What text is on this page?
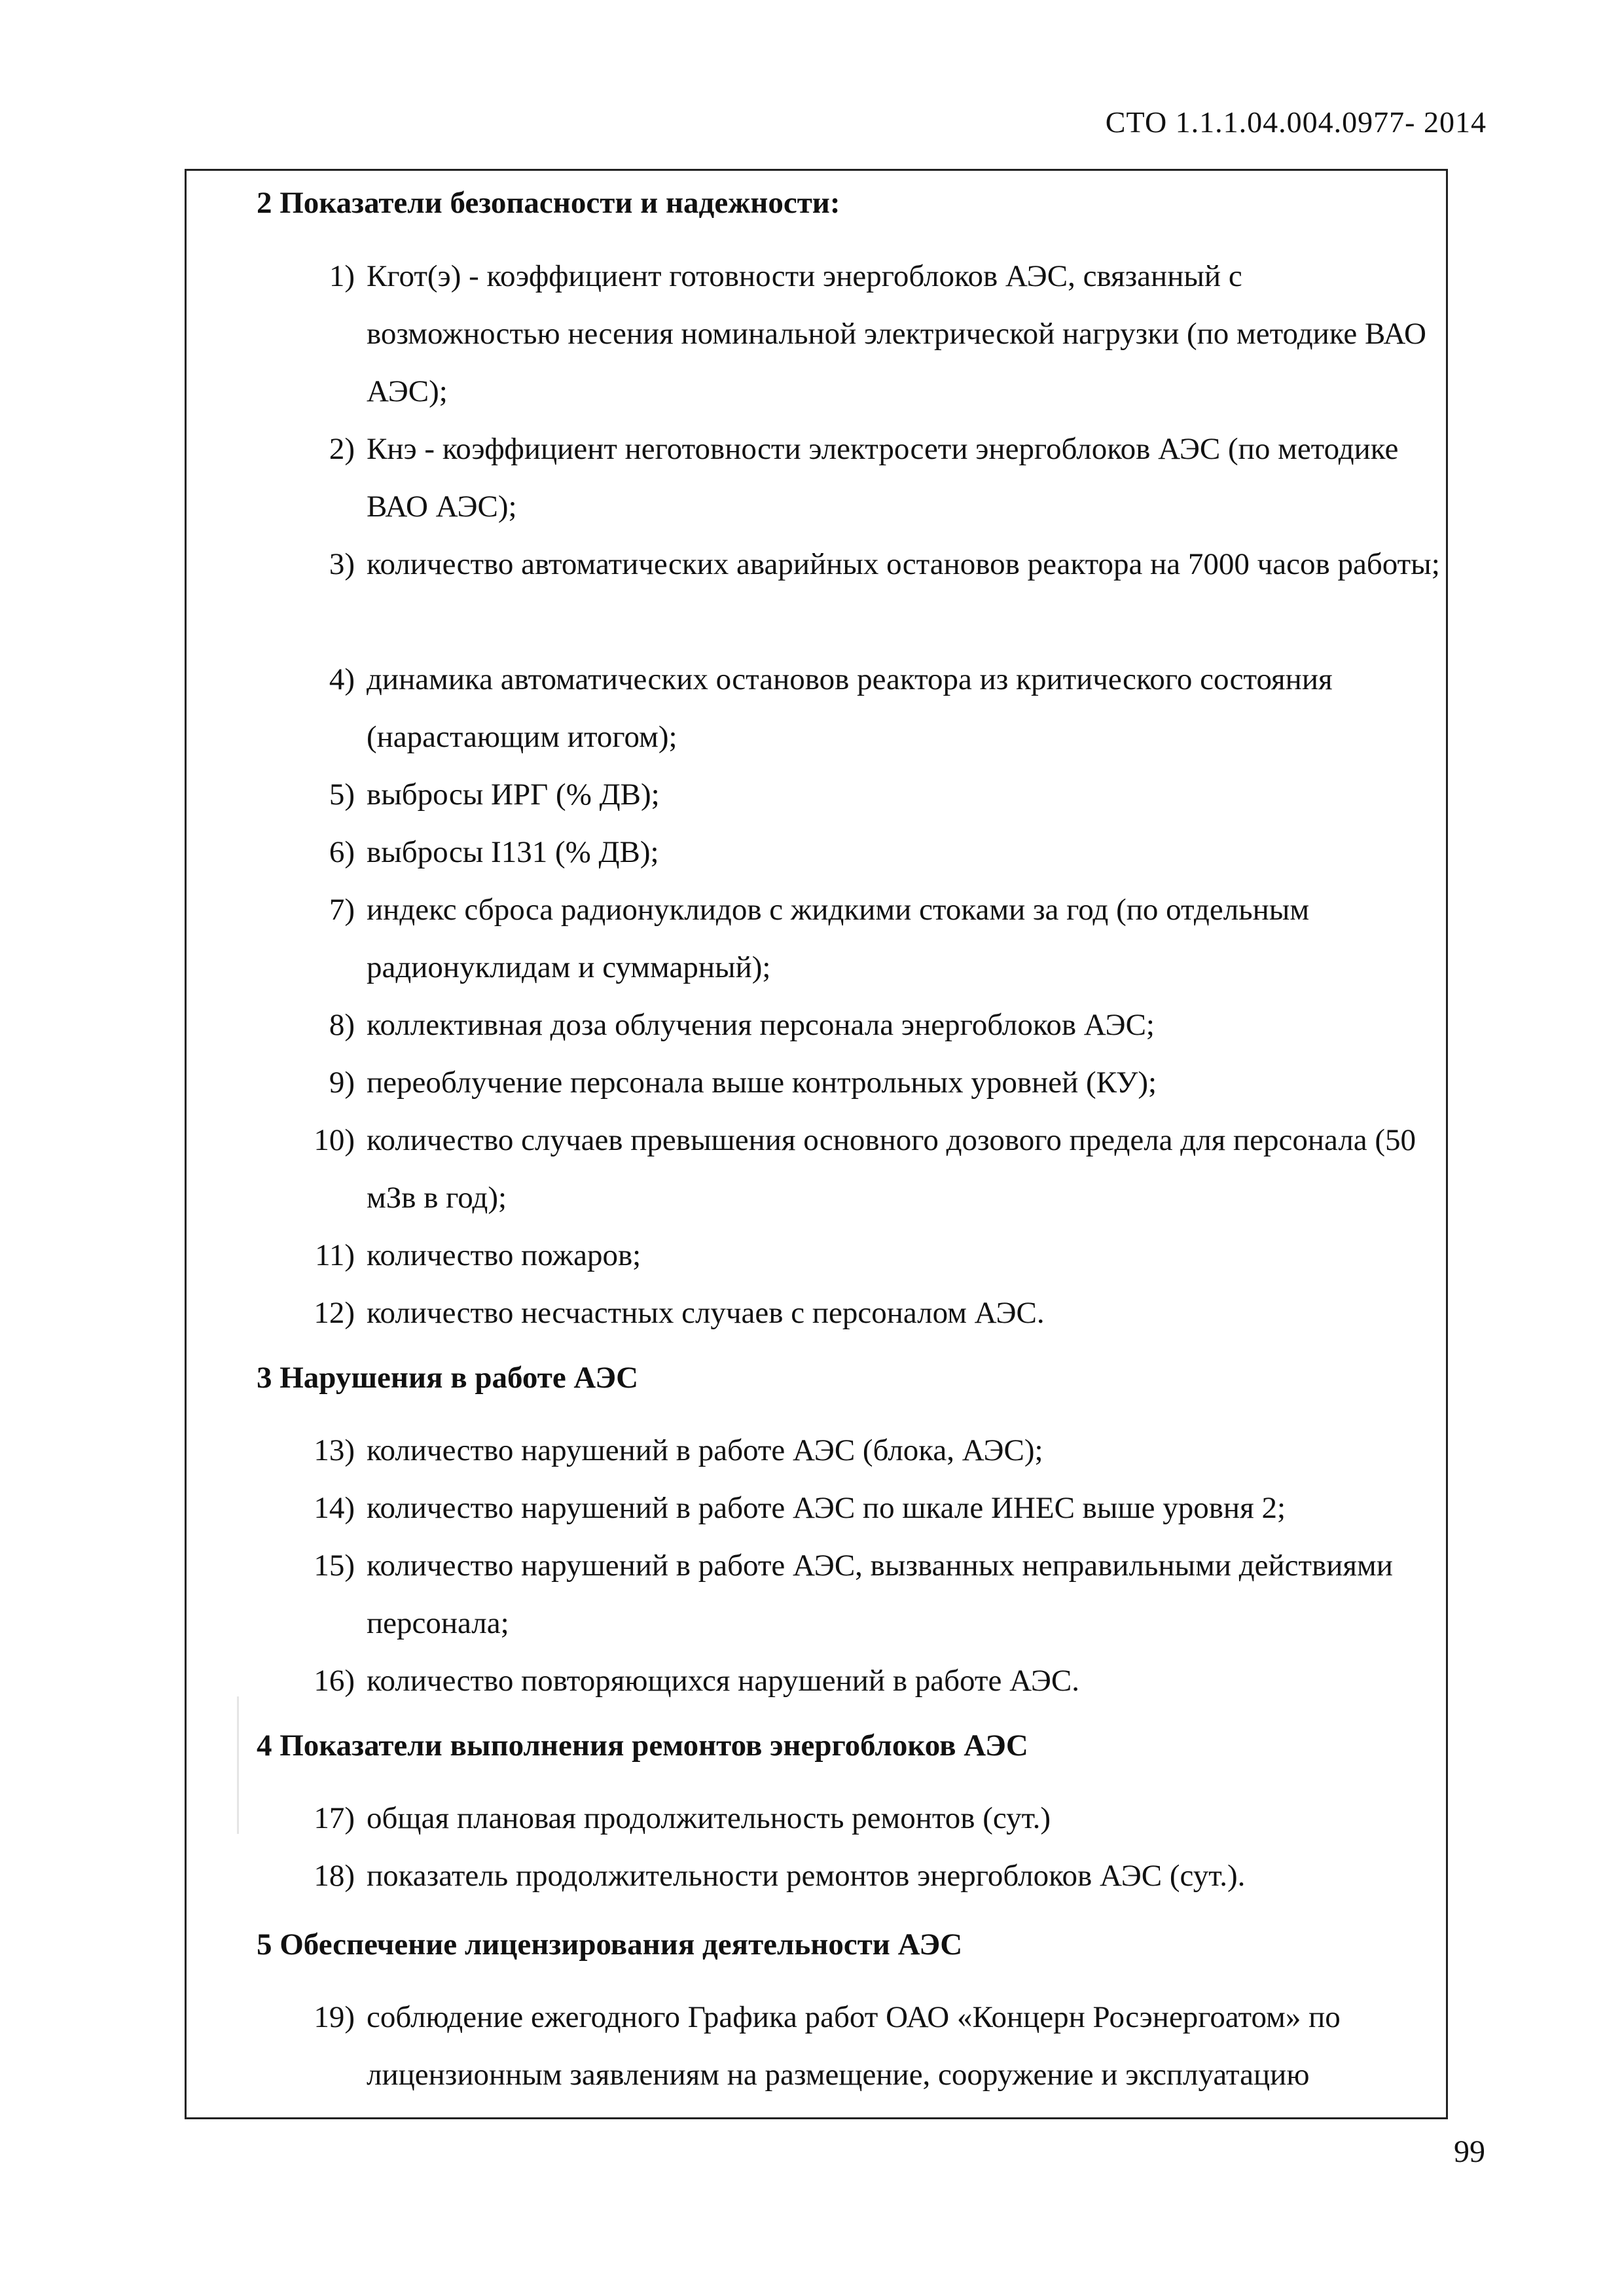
СТО 1.1.1.04.004.0977- 2014
2 Показатели безопасности и надежности:
1) Кгот(э) - коэффициент готовности энергоблоков АЭС, связанный с возможностью несения номинальной электрической нагрузки (по методике ВАО АЭС);
2) Кнэ - коэффициент неготовности электросети энергоблоков АЭС (по методике ВАО АЭС);
3) количество автоматических аварийных остановов реактора на 7000 часов работы;
4) динамика автоматических остановов реактора из критического состояния (нарастающим итогом);
5) выбросы ИРГ (% ДВ);
6) выбросы I131 (% ДВ);
7) индекс сброса радионуклидов с жидкими стоками за год (по отдельным радионуклидам и суммарный);
8) коллективная доза облучения персонала энергоблоков АЭС;
9) переоблучение персонала выше контрольных уровней (КУ);
10) количество случаев превышения основного дозового предела для персонала (50 мЗв в год);
11) количество пожаров;
12) количество несчастных случаев с персоналом АЭС.
3 Нарушения в работе АЭС
13) количество нарушений в работе АЭС (блока, АЭС);
14) количество нарушений в работе АЭС по шкале ИНЕС выше уровня 2;
15) количество нарушений в работе АЭС, вызванных неправильными действиями персонала;
16) количество повторяющихся нарушений в работе АЭС.
4 Показатели выполнения ремонтов энергоблоков АЭС
17) общая плановая продолжительность ремонтов (сут.)
18) показатель продолжительности ремонтов энергоблоков АЭС (сут.).
5 Обеспечение лицензирования деятельности АЭС
19) соблюдение ежегодного Графика работ ОАО «Концерн Росэнергоатом» по лицензионным заявлениям на размещение, сооружение и эксплуатацию
99
